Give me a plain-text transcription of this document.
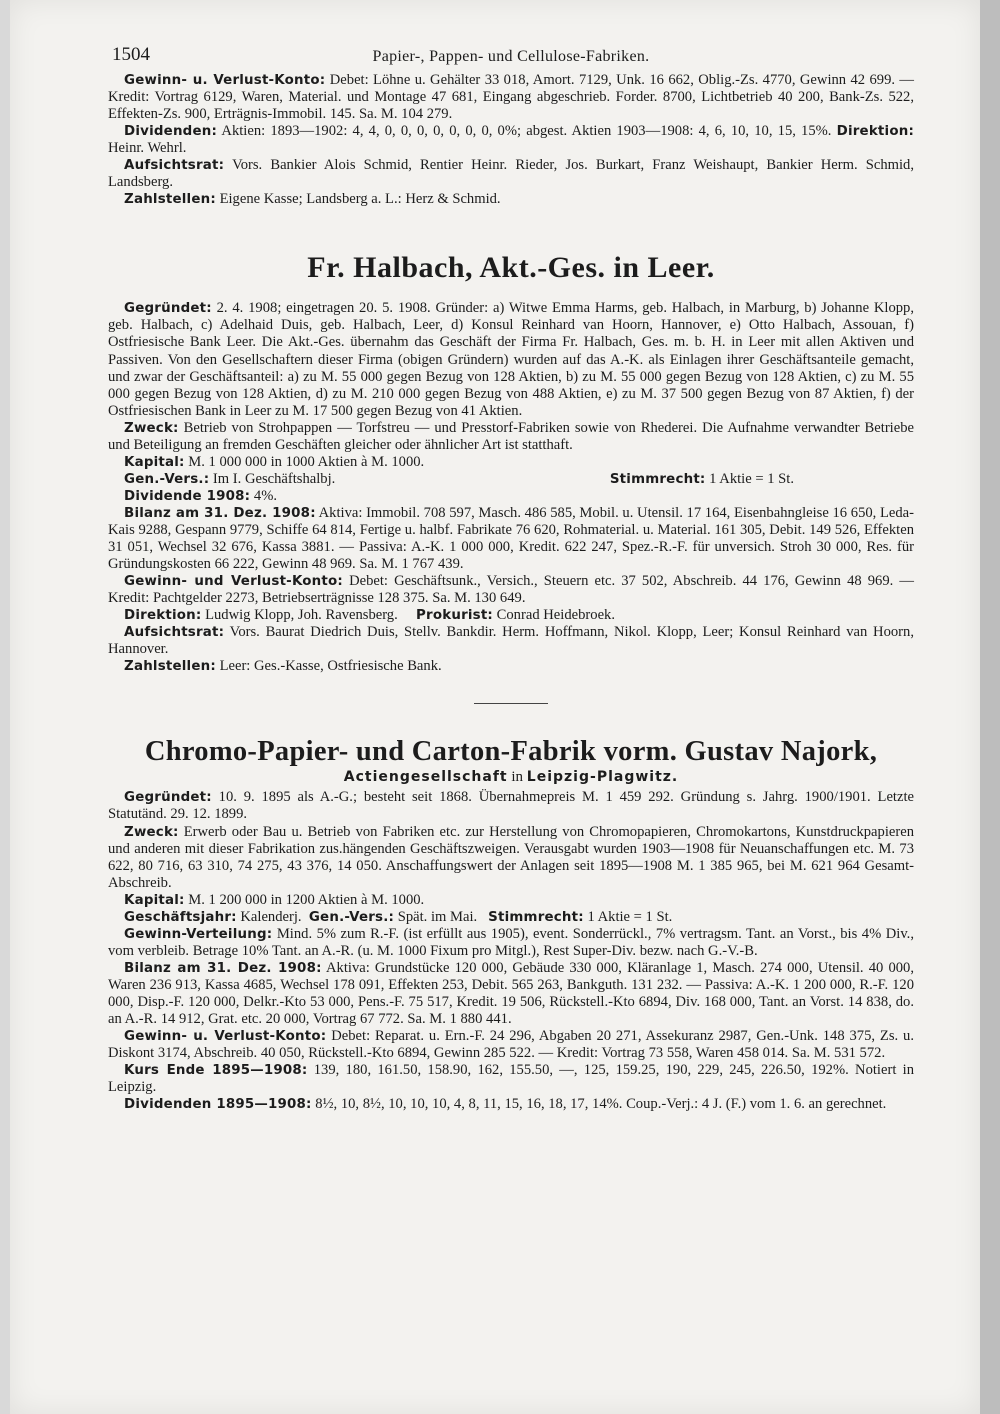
1504	Papier-, Pappen- und Cellulose-Fabriken.

Gewinn- u. Verlust-Konto: Debet: Löhne u. Gehälter 33 018, Amort. 7129, Unk. 16 662, Oblig.-Zs. 4770, Gewinn 42 699. — Kredit: Vortrag 6129, Waren, Material. und Montage 47 681, Eingang abgeschrieb. Forder. 8700, Lichtbetrieb 40 200, Bank-Zs. 522, Effekten-Zs. 900, Erträgnis-Immobil. 145. Sa. M. 104 279.

Dividenden: Aktien: 1893—1902: 4, 4, 0, 0, 0, 0, 0, 0, 0, 0%; abgest. Aktien 1903—1908: 4, 6, 10, 10, 15, 15%. Direktion: Heinr. Wehrl.

Aufsichtsrat: Vors. Bankier Alois Schmid, Rentier Heinr. Rieder, Jos. Burkart, Franz Weishaupt, Bankier Herm. Schmid, Landsberg.

Zahlstellen: Eigene Kasse; Landsberg a. L.: Herz & Schmid.

Fr. Halbach, Akt.-Ges. in Leer.

Gegründet: 2. 4. 1908; eingetragen 20. 5. 1908. Gründer: a) Witwe Emma Harms, geb. Halbach, in Marburg, b) Johanne Klopp, geb. Halbach, c) Adelhaid Duis, geb. Halbach, Leer, d) Konsul Reinhard van Hoorn, Hannover, e) Otto Halbach, Assouan, f) Ostfriesische Bank Leer. Die Akt.-Ges. übernahm das Geschäft der Firma Fr. Halbach, Ges. m. b. H. in Leer mit allen Aktiven und Passiven. Von den Gesellschaftern dieser Firma (obigen Gründern) wurden auf das A.-K. als Einlagen ihrer Geschäftsanteile gemacht, und zwar der Geschäftsanteil: a) zu M. 55 000 gegen Bezug von 128 Aktien, b) zu M. 55 000 gegen Bezug von 128 Aktien, c) zu M. 55 000 gegen Bezug von 128 Aktien, d) zu M. 210 000 gegen Bezug von 488 Aktien, e) zu M. 37 500 gegen Bezug von 87 Aktien, f) der Ostfriesischen Bank in Leer zu M. 17 500 gegen Bezug von 41 Aktien.

Zweck: Betrieb von Strohpappen — Torfstreu — und Presstorf-Fabriken sowie von Rhederei. Die Aufnahme verwandter Betriebe und Beteiligung an fremden Geschäften gleicher oder ähnlicher Art ist statthaft.

Kapital: M. 1 000 000 in 1000 Aktien à M. 1000.

Gen.-Vers.: Im I. Geschäftshalbj.	Stimmrecht: 1 Aktie = 1 St.

Dividende 1908: 4%.

Bilanz am 31. Dez. 1908: Aktiva: Immobil. 708 597, Masch. 486 585, Mobil. u. Utensil. 17 164, Eisenbahngleise 16 650, Leda-Kais 9288, Gespann 9779, Schiffe 64 814, Fertige u. halbf. Fabrikate 76 620, Rohmaterial. u. Material. 161 305, Debit. 149 526, Effekten 31 051, Wechsel 32 676, Kassa 3881. — Passiva: A.-K. 1 000 000, Kredit. 622 247, Spez.-R.-F. für unversich. Stroh 30 000, Res. für Gründungskosten 66 222, Gewinn 48 969. Sa. M. 1 767 439.

Gewinn- und Verlust-Konto: Debet: Geschäftsunk., Versich., Steuern etc. 37 502, Abschreib. 44 176, Gewinn 48 969. — Kredit: Pachtgelder 2273, Betriebserträgnisse 128 375. Sa. M. 130 649.

Direktion: Ludwig Klopp, Joh. Ravensberg. Prokurist: Conrad Heidebroek.

Aufsichtsrat: Vors. Baurat Diedrich Duis, Stellv. Bankdir. Herm. Hoffmann, Nikol. Klopp, Leer; Konsul Reinhard van Hoorn, Hannover.

Zahlstellen: Leer: Ges.-Kasse, Ostfriesische Bank.

Chromo-Papier- und Carton-Fabrik vorm. Gustav Najork,
Actiengesellschaft in Leipzig-Plagwitz.

Gegründet: 10. 9. 1895 als A.-G.; besteht seit 1868. Übernahmepreis M. 1 459 292. Gründung s. Jahrg. 1900/1901. Letzte Statutänd. 29. 12. 1899.

Zweck: Erwerb oder Bau u. Betrieb von Fabriken etc. zur Herstellung von Chromopapieren, Chromokartons, Kunstdruckpapieren und anderen mit dieser Fabrikation zus.hängenden Geschäftszweigen. Verausgabt wurden 1903—1908 für Neuanschaffungen etc. M. 73 622, 80 716, 63 310, 74 275, 43 376, 14 050. Anschaffungswert der Anlagen seit 1895—1908 M. 1 385 965, bei M. 621 964 Gesamt-Abschreib.

Kapital: M. 1 200 000 in 1200 Aktien à M. 1000.

Geschäftsjahr: Kalenderj. Gen.-Vers.: Spät. im Mai. Stimmrecht: 1 Aktie = 1 St.

Gewinn-Verteilung: Mind. 5% zum R.-F. (ist erfüllt aus 1905), event. Sonderrückl., 7% vertragsm. Tant. an Vorst., bis 4% Div., vom verbleib. Betrage 10% Tant. an A.-R. (u. M. 1000 Fixum pro Mitgl.), Rest Super-Div. bezw. nach G.-V.-B.

Bilanz am 31. Dez. 1908: Aktiva: Grundstücke 120 000, Gebäude 330 000, Kläranlage 1, Masch. 274 000, Utensil. 40 000, Waren 236 913, Kassa 4685, Wechsel 178 091, Effekten 253, Debit. 565 263, Bankguth. 131 232. — Passiva: A.-K. 1 200 000, R.-F. 120 000, Disp.-F. 120 000, Delkr.-Kto 53 000, Pens.-F. 75 517, Kredit. 19 506, Rückstell.-Kto 6894, Div. 168 000, Tant. an Vorst. 14 838, do. an A.-R. 14 912, Grat. etc. 20 000, Vortrag 67 772. Sa. M. 1 880 441.

Gewinn- u. Verlust-Konto: Debet: Reparat. u. Ern.-F. 24 296, Abgaben 20 271, Assekuranz 2987, Gen.-Unk. 148 375, Zs. u. Diskont 3174, Abschreib. 40 050, Rückstell.-Kto 6894, Gewinn 285 522. — Kredit: Vortrag 73 558, Waren 458 014. Sa. M. 531 572.

Kurs Ende 1895—1908: 139, 180, 161.50, 158.90, 162, 155.50, —, 125, 159.25, 190, 229, 245, 226.50, 192%. Notiert in Leipzig.

Dividenden 1895—1908: 8½, 10, 8½, 10, 10, 10, 4, 8, 11, 15, 16, 18, 17, 14%. Coup.-Verj.: 4 J. (F.) vom 1. 6. an gerechnet.
